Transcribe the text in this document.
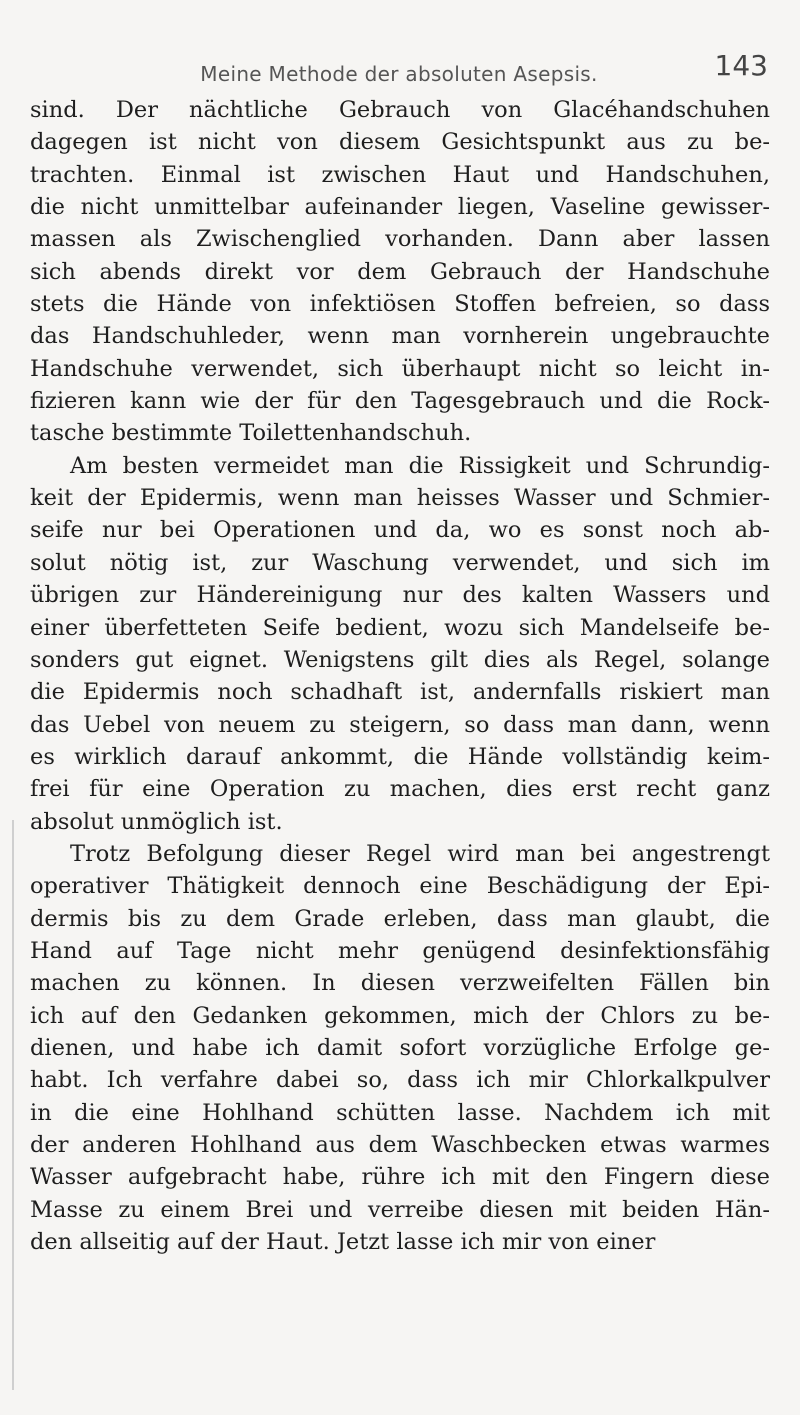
Meine Methode der absoluten Asepsis.	143
sind. Der nächtliche Gebrauch von Glacéhandschuhen
dagegen ist nicht von diesem Gesichtspunkt aus zu be-
trachten. Einmal ist zwischen Haut und Handschuhen,
die nicht unmittelbar aufeinander liegen, Vaseline gewisser-
massen als Zwischenglied vorhanden. Dann aber lassen
sich abends direkt vor dem Gebrauch der Handschuhe
stets die Hände von infektiösen Stoffen befreien, so dass
das Handschuhleder, wenn man vornherein ungebrauchte
Handschuhe verwendet, sich überhaupt nicht so leicht in-
fizieren kann wie der für den Tagesgebrauch und die Rock-
tasche bestimmte Toilettenhandschuh.
Am besten vermeidet man die Rissigkeit und Schrundig-
keit der Epidermis, wenn man heisses Wasser und Schmier-
seife nur bei Operationen und da, wo es sonst noch ab-
solut nötig ist, zur Waschung verwendet, und sich im
übrigen zur Händereinigung nur des kalten Wassers und
einer überfetteten Seife bedient, wozu sich Mandelseife be-
sonders gut eignet. Wenigstens gilt dies als Regel, solange
die Epidermis noch schadhaft ist, andernfalls riskiert man
das Uebel von neuem zu steigern, so dass man dann, wenn
es wirklich darauf ankommt, die Hände vollständig keim-
frei für eine Operation zu machen, dies erst recht ganz
absolut unmöglich ist.
Trotz Befolgung dieser Regel wird man bei angestrengt
operativer Thätigkeit dennoch eine Beschädigung der Epi-
dermis bis zu dem Grade erleben, dass man glaubt, die
Hand auf Tage nicht mehr genügend desinfektionsfähig
machen zu können. In diesen verzweifelten Fällen bin
ich auf den Gedanken gekommen, mich der Chlors zu be-
dienen, und habe ich damit sofort vorzügliche Erfolge ge-
habt. Ich verfahre dabei so, dass ich mir Chlorkalkpulver
in die eine Hohlhand schütten lasse. Nachdem ich mit
der anderen Hohlhand aus dem Waschbecken etwas warmes
Wasser aufgebracht habe, rühre ich mit den Fingern diese
Masse zu einem Brei und verreibe diesen mit beiden Hän-
den allseitig auf der Haut. Jetzt lasse ich mir von einer
